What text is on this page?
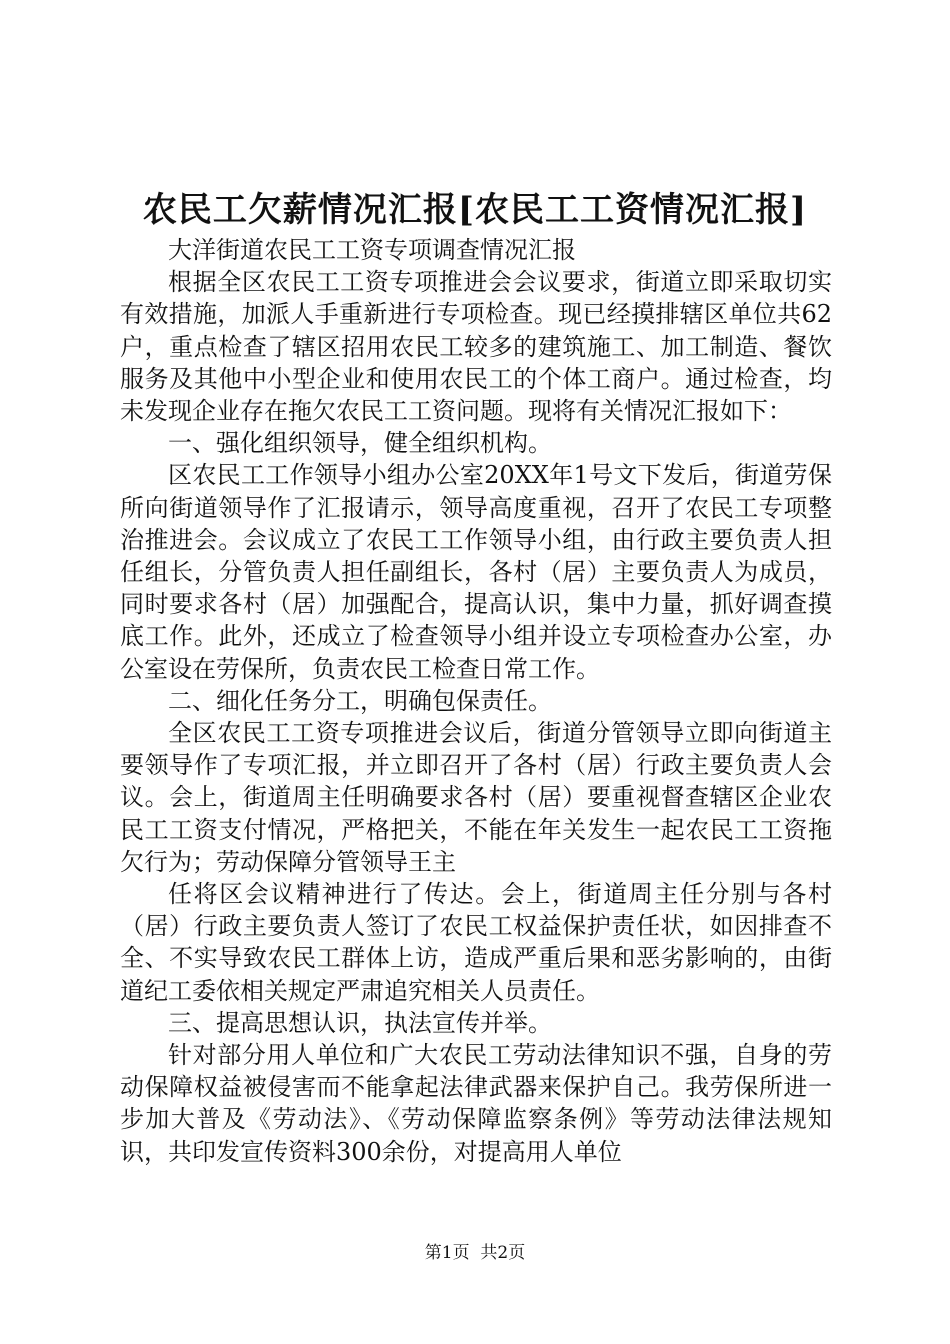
农民工欠薪情况汇报[农民工工资情况汇报]

大洋街道农民工工资专项调查情况汇报

根据全区农民工工资专项推进会会议要求，街道立即采取切实有效措施，加派人手重新进行专项检查。现已经摸排辖区单位共62户，重点检查了辖区招用农民工较多的建筑施工、加工制造、餐饮服务及其他中小型企业和使用农民工的个体工商户。通过检查，均未发现企业存在拖欠农民工工资问题。现将有关情况汇报如下：

一、强化组织领导，健全组织机构。

区农民工工作领导小组办公室20XX年1号文下发后，街道劳保所向街道领导作了汇报请示，领导高度重视，召开了农民工专项整治推进会。会议成立了农民工工作领导小组，由行政主要负责人担任组长，分管负责人担任副组长，各村（居）主要负责人为成员，同时要求各村（居）加强配合，提高认识，集中力量，抓好调查摸底工作。此外，还成立了检查领导小组并设立专项检查办公室，办公室设在劳保所，负责农民工检查日常工作。

二、细化任务分工，明确包保责任。

全区农民工工资专项推进会议后，街道分管领导立即向街道主要领导作了专项汇报，并立即召开了各村（居）行政主要负责人会议。会上，街道周主任明确要求各村（居）要重视督查辖区企业农民工工资支付情况，严格把关，不能在年关发生一起农民工工资拖欠行为；劳动保障分管领导王主

任将区会议精神进行了传达。会上，街道周主任分别与各村（居）行政主要负责人签订了农民工权益保护责任状，如因排查不全、不实导致农民工群体上访，造成严重后果和恶劣影响的，由街道纪工委依相关规定严肃追究相关人员责任。

三、提高思想认识，执法宣传并举。

针对部分用人单位和广大农民工劳动法律知识不强，自身的劳动保障权益被侵害而不能拿起法律武器来保护自己。我劳保所进一步加大普及《劳动法》、《劳动保障监察条例》等劳动法律法规知识，共印发宣传资料300余份，对提高用人单位

第1页  共2页
